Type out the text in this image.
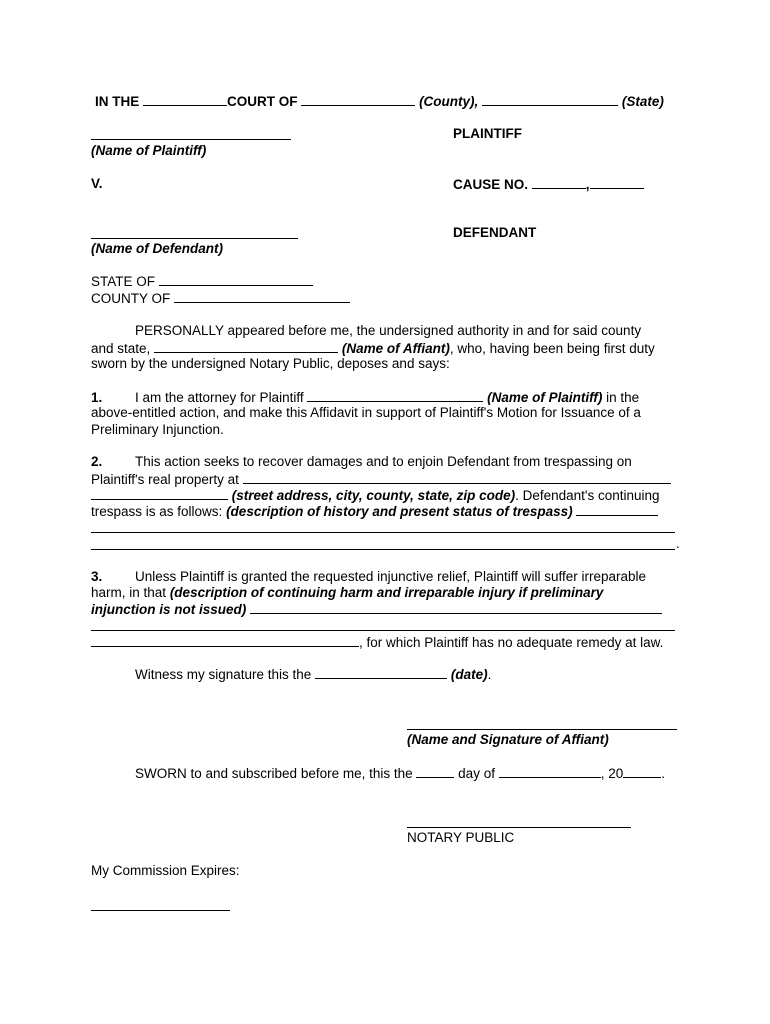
IN THE	COURT OF	(County),	(State)
PLAINTIFF
(Name of Plaintiff)
V.	CAUSE NO.	,
DEFENDANT
(Name of Defendant)
STATE OF
COUNTY OF
PERSONALLY appeared before me, the undersigned authority in and for said county
and state,	(Name of Affiant), who, having been being first duty
sworn by the undersigned Notary Public, deposes and says:
1. I am the attorney for Plaintiff	(Name of Plaintiff) in the
above-entitled action, and make this Affidavit in support of Plaintiff's Motion for Issuance of a
Preliminary Injunction.
2. This action seeks to recover damages and to enjoin Defendant from trespassing on
Plaintiff's real property at
(street address, city, county, state, zip code). Defendant's continuing
trespass is as follows: (description of history and present status of trespass)
.
3. Unless Plaintiff is granted the requested injunctive relief, Plaintiff will suffer irreparable
harm, in that (description of continuing harm and irreparable injury if preliminary
injunction is not issued)
, for which Plaintiff has no adequate remedy at law.
Witness my signature this the	(date).
(Name and Signature of Affiant)
SWORN to and subscribed before me, this the	day of	, 20	.
NOTARY PUBLIC
My Commission Expires:
